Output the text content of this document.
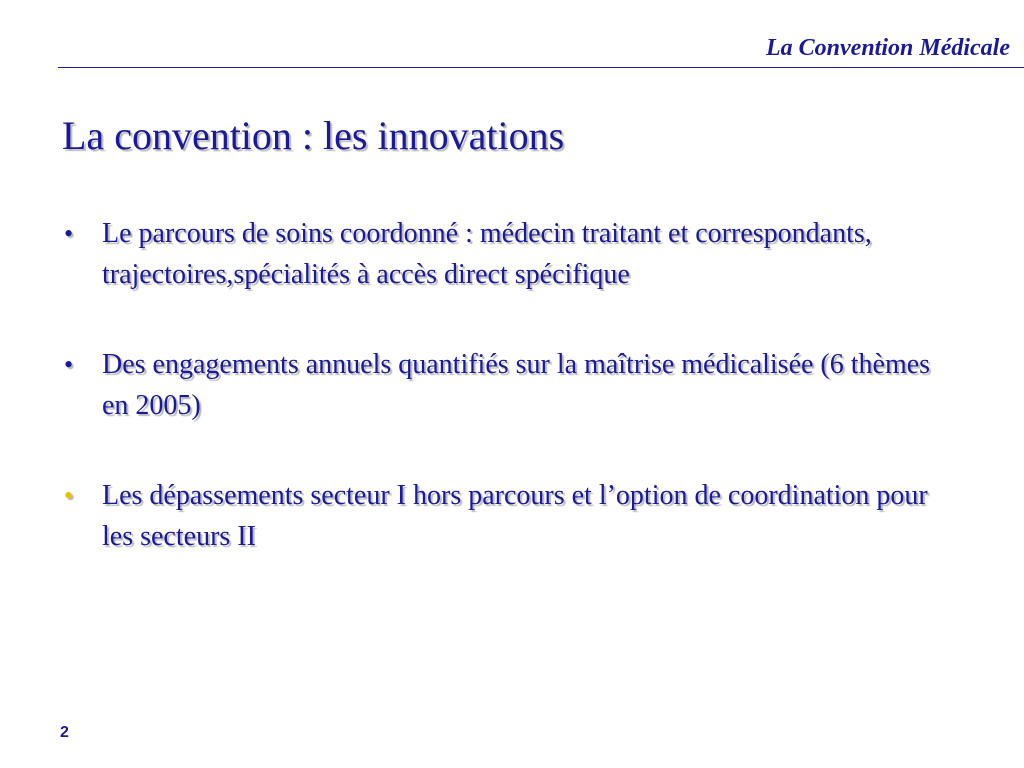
La Convention Médicale
La convention : les innovations
• Le parcours de soins coordonné : médecin traitant et correspondants, trajectoires,spécialités à accès direct spécifique
• Des engagements annuels quantifiés sur la maîtrise médicalisée (6 thèmes en 2005)
• Les dépassements secteur I hors parcours et l’option de coordination pour les secteurs II
2
